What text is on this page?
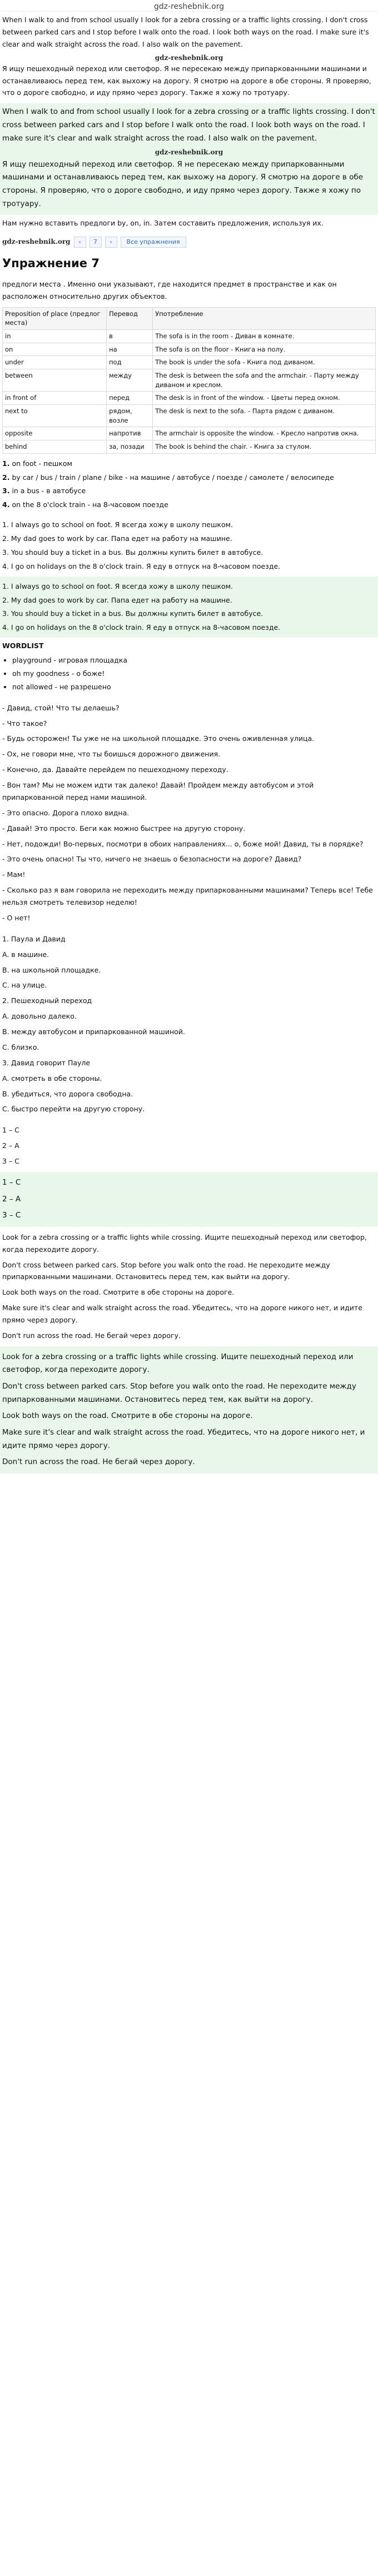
gdz-reshebnik.org

When I walk to and from school usually I look for a zebra crossing or a traffic lights crossing. I don't cross between parked cars and I stop before I walk onto the road. I look both ways on the road. I make sure it's clear and walk straight across the road. I also walk on the pavement.

gdz-reshebnik.org

Я ищу пешеходный переход или светофор. Я не пересекаю между припаркованными машинами и останавливаюсь перед тем, как выхожу на дорогу. Я смотрю на дороге в обе стороны. Я проверяю, что о дороге свободно, и иду прямо через дорогу. Также я хожу по тротуару.

When I walk to and from school usually I look for a zebra crossing or a traffic lights crossing. I don't cross between parked cars and I stop before I walk onto the road. I look both ways on the road. I make sure it's clear and walk straight across the road. I also walk on the pavement.

gdz-reshebnik.org

Я ищу пешеходный переход или светофор. Я не пересекаю между припаркованными машинами и останавливаюсь перед тем, как выхожу на дорогу. Я смотрю на дороге в обе стороны. Я проверяю, что о дороге свободно, и иду прямо через дорогу. Также я хожу по тротуару.

Нам нужно вставить предлоги by, on, in. Затем составить предложения, используя их.

gdz-reshebnik.org	‹	7	›	Все упражнения
Упражнение 7

предлоги места . Именно они указывают, где находится предмет в пространстве и как он расположен относительно других объектов.

Preposition of place (предлог места)	Перевод	Употребление
in	в	The sofa is in the room - Диван в комнате.
on	на	The sofa is on the floor - Книга на полу.
under	под	The book is under the sofa - Книга под диваном.
between	между	The desk is between the sofa and the armchair. - Парту между диваном и креслом.
in front of	перед	The desk is in front of the window. - Цветы перед окном.
next to	рядом, возле	The desk is next to the sofa. - Парта рядом с диваном.
opposite	напротив	The armchair is opposite the window. - Кресло напротив окна.
behind	за, позади	The book is behind the chair. - Книга за стулом.
1. on foot - пешком
2. by car / bus / train / plane / bike - на машине / автобусе / поезде / самолете / велосипеде
3. in a bus - в автобусе
4. on the 8 o'clock train - на 8-часовом поезде
1. I always go to school on foot. Я всегда хожу в школу пешком.
2. My dad goes to work by car. Папа едет на работу на машине.
3. You should buy a ticket in a bus. Вы должны купить билет в автобусе.
4. I go on holidays on the 8 o'clock train. Я еду в отпуск на 8-часовом поезде.
1. I always go to school on foot. Я всегда хожу в школу пешком.
2. My dad goes to work by car. Папа едет на работу на машине.
3. You should buy a ticket in a bus. Вы должны купить билет в автобусе.
4. I go on holidays on the 8 o'clock train. Я еду в отпуск на 8-часовом поезде.
WORDLIST
• playground - игровая площадка
• oh my goodness - о боже!
• not allowed - не разрешено
- Давид, стой! Что ты делаешь?
- Что такое?
- Будь осторожен! Ты уже не на школьной площадке. Это очень оживленная улица.
- Ох, не говори мне, что ты боишься дорожного движения.
- Конечно, да. Давайте перейдем по пешеходному переходу.
- Вон там? Мы не можем идти так далеко! Давай! Пройдем между автобусом и этой припаркованной перед нами машиной.
- Это опасно. Дорога плохо видна.
- Давай! Это просто. Беги как можно быстрее на другую сторону.
- Нет, подожди! Во-первых, посмотри в обоих направлениях... о, боже мой! Давид, ты в порядке?
- Это очень опасно! Ты что, ничего не знаешь о безопасности на дороге? Давид?
- Мам!
- Сколько раз я вам говорила не переходить между припаркованными машинами? Теперь все! Тебе нельзя смотреть телевизор неделю!
- О нет!
1. Паула и Давид
A. в машине.
B. на школьной площадке.
C. на улице.
2. Пешеходный переход
A. довольно далеко.
B. между автобусом и припаркованной машиной.
C. близко.
3. Давид говорит Пауле
A. смотреть в обе стороны.
B. убедиться, что дорога свободна.
C. быстро перейти на другую сторону.
1 – C
2 – A
3 – C
1 – C
2 – A
3 – C
Look for a zebra crossing or a traffic lights while crossing. Ищите пешеходный переход или светофор, когда переходите дорогу.
Don't cross between parked cars. Stop before you walk onto the road. Не переходите между припаркованными машинами. Остановитесь перед тем, как выйти на дорогу.
Look both ways on the road. Смотрите в обе стороны на дороге.
Make sure it's clear and walk straight across the road. Убедитесь, что на дороге никого нет, и идите прямо через дорогу.
Don't run across the road. Не бегай через дорогу.
Look for a zebra crossing or a traffic lights while crossing. Ищите пешеходный переход или светофор, когда переходите дорогу.
Don't cross between parked cars. Stop before you walk onto the road. Не переходите между припаркованными машинами. Остановитесь перед тем, как выйти на дорогу.
Look both ways on the road. Смотрите в обе стороны на дороге.
Make sure it's clear and walk straight across the road. Убедитесь, что на дороге никого нет, и идите прямо через дорогу.
Don't run across the road. Не бегай через дорогу.
